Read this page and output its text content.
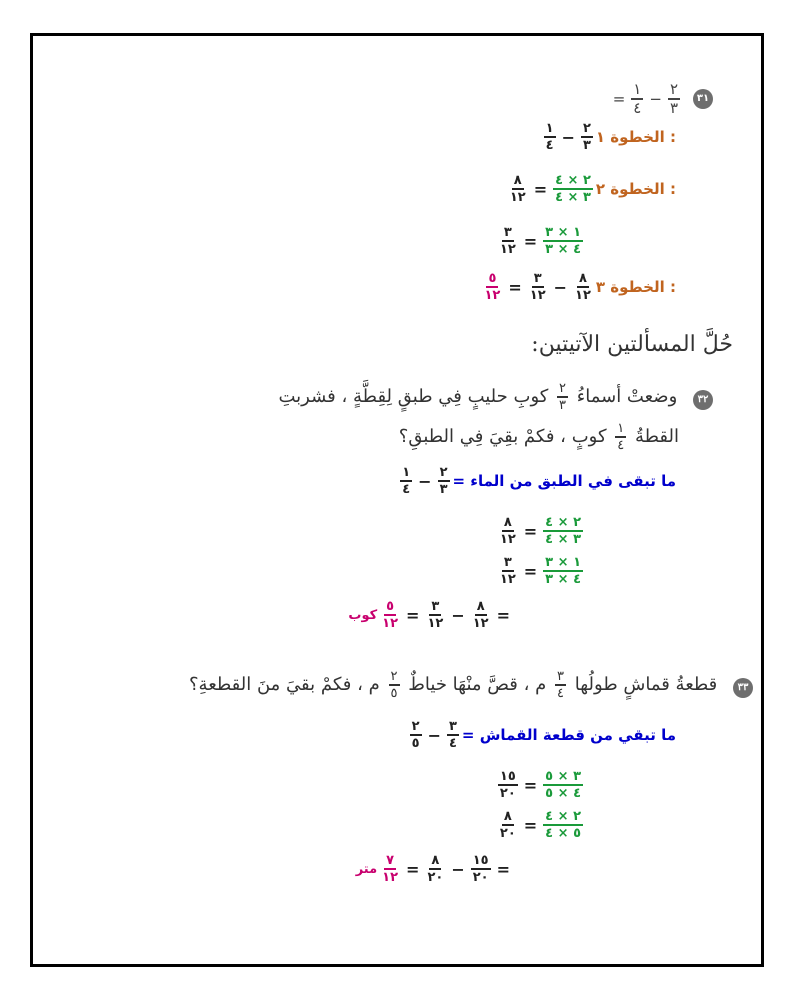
٣١
٢
٣
−
١
٤
=
الخطوة ١ :
٢
٣
−
١
٤
الخطوة ٢ :
٢ × ٤
٣ × ٤
=
٨
١٢
١ × ٣
٤ × ٣
=
٣
١٢
الخطوة ٣ :
٨
١٢
−
٣
١٢
=
٥
١٢
حُلَّ المسألتين الآتيتين:
٣٢ وضعتْ أسماءُ
٢
٣
كوبِ حليبٍ فِي طبقٍ لِقِطَّةٍ ، فشربتِ
القطةُ
١
٤
كوبٍ ، فكمْ بقِيَ فِي الطبقِ؟
ما تبقى في الطبق من الماء =
٢
٣
−
١
٤
٢ × ٤
٣ × ٤
=
٨
١٢
١ × ٣
٤ × ٣
=
٣
١٢
=
٨
١٢
−
٣
١٢
=
٥
١٢
كوب
٣٣ قطعةُ قماشٍ طولُها
٣
٤
م ، قصَّ منْهَا خياطٌ
٢
٥
م ، فكمْ بقيَ منَ القطعةِ؟
ما تبقي من قطعة القماش =
٣
٤
−
٢
٥
٣ × ٥
٤ × ٥
=
١٥
٢٠
٢ × ٤
٥ × ٤
=
٨
٢٠
=
١٥
٢٠
−
٨
٢٠
=
٧
١٢
متر
